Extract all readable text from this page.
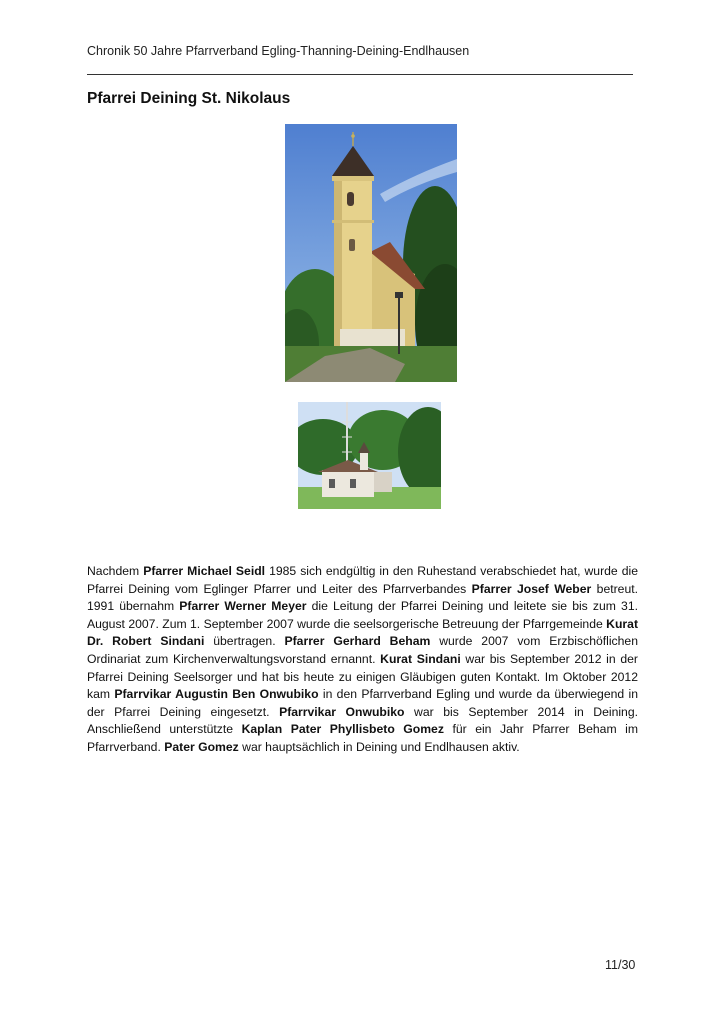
Chronik 50 Jahre Pfarrverband Egling-Thanning-Deining-Endlhausen
Pfarrei Deining St. Nikolaus

Nachdem Pfarrer Michael Seidl 1985 sich endgültig in den Ruhestand verabschiedet hat, wurde die Pfarrei Deining vom Eglinger Pfarrer und Leiter des Pfarrverbandes Pfarrer Josef Weber betreut. 1991 übernahm Pfarrer Werner Meyer die Leitung der Pfarrei Deining und leitete sie bis zum 31. August 2007. Zum 1. September 2007 wurde die seelsorgerische Betreuung der Pfarrgemeinde Kurat Dr. Robert Sindani übertragen. Pfarrer Gerhard Beham wurde 2007 vom Erzbischöflichen Ordinariat zum Kirchenverwaltungsvorstand ernannt. Kurat Sindani war bis September 2012 in der Pfarrei Deining Seelsorger und hat bis heute zu einigen Gläubigen guten Kontakt. Im Oktober 2012 kam Pfarrvikar Augustin Ben Onwubiko in den Pfarrverband Egling und wurde da überwiegend in der Pfarrei Deining eingesetzt. Pfarrvikar Onwubiko war bis September 2014 in Deining. Anschließend unterstützte Kaplan Pater Phyllisbeto Gomez für ein Jahr Pfarrer Beham im Pfarrverband. Pater Gomez war hauptsächlich in Deining und Endlhausen aktiv.

11/30
